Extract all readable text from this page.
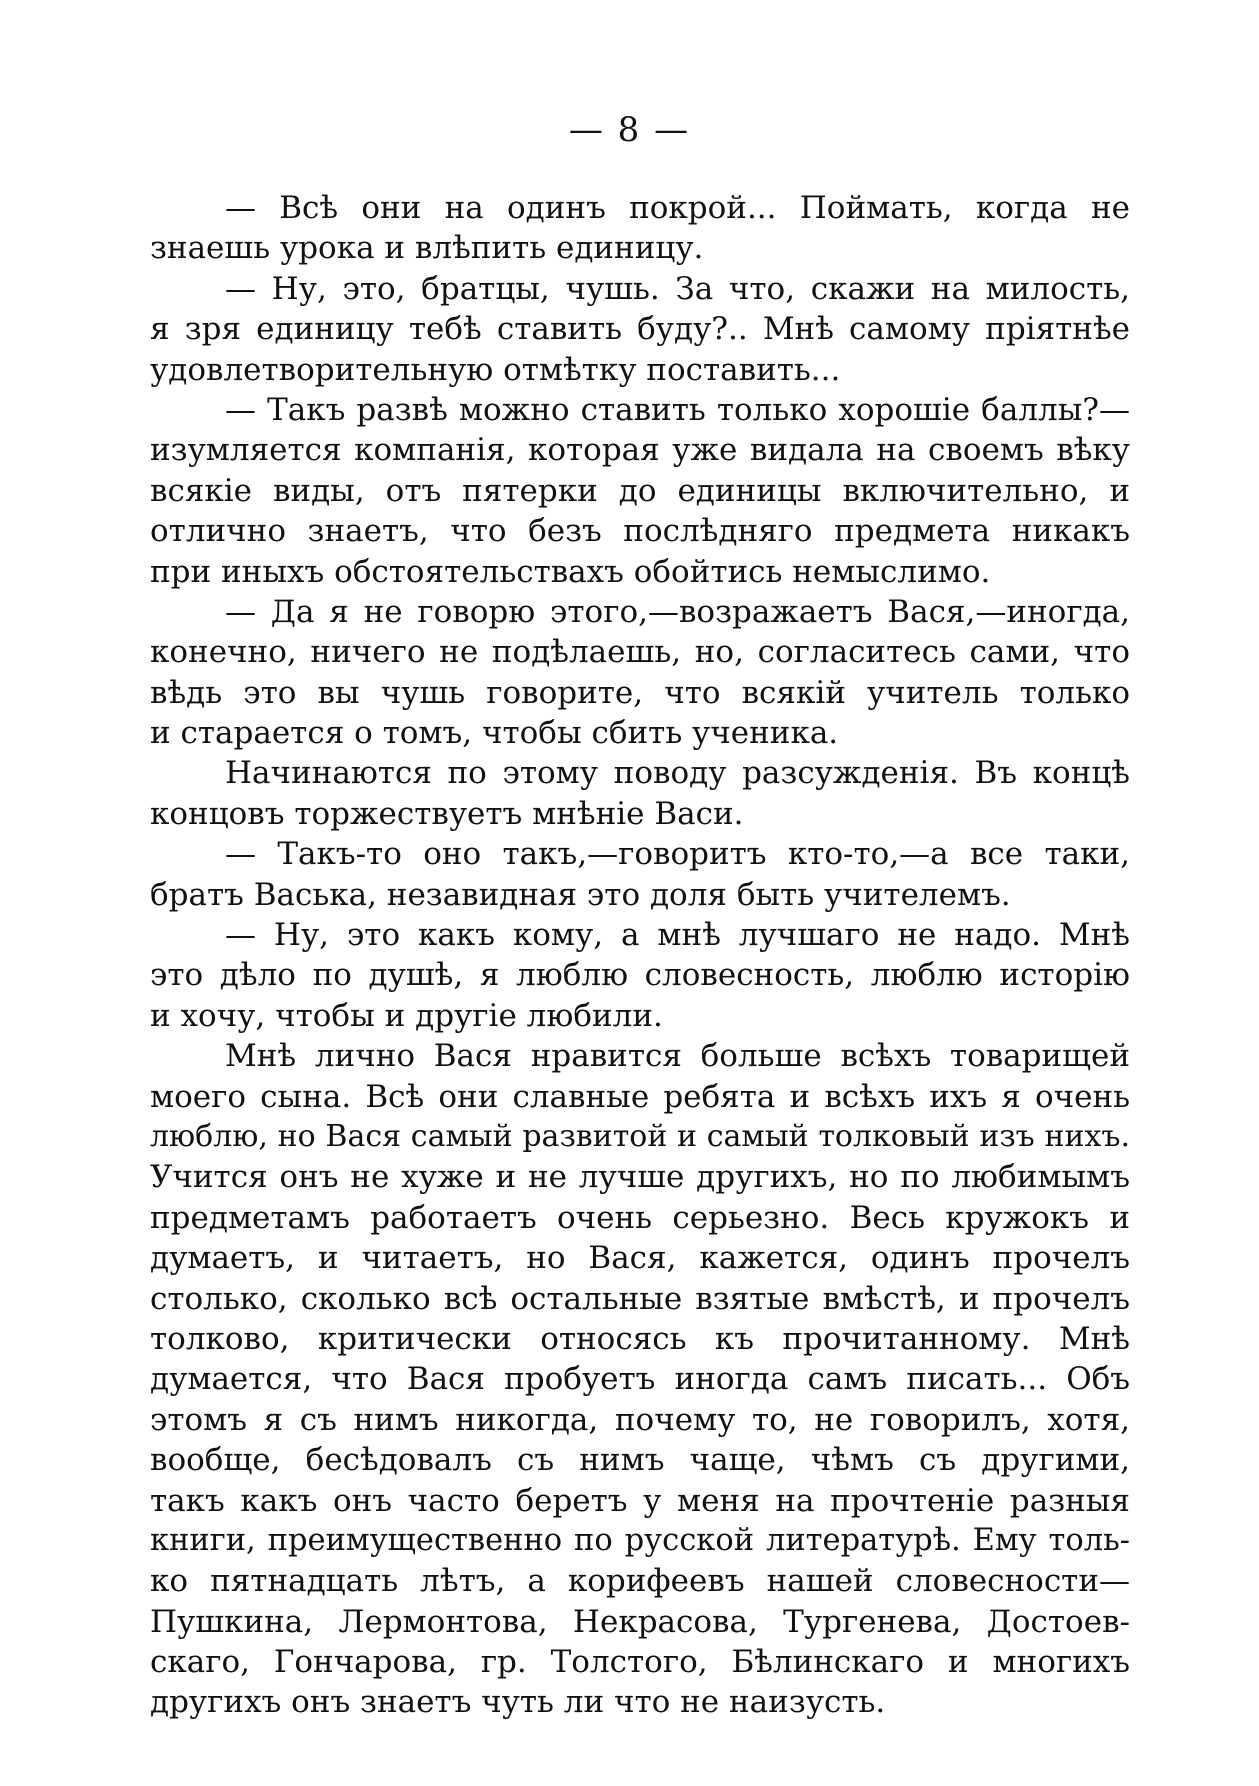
— 8 —
— Всѣ они на одинъ покрой... Поймать, когда не
знаешь урока и влѣпить единицу.
— Ну, это, братцы, чушь. За что, скажи на милость,
я зря единицу тебѣ ставить буду?.. Мнѣ самому пріятнѣе
удовлетворительную отмѣтку поставить...
— Такъ развѣ можно ставить только хорошіе баллы?—
изумляется компанія, которая уже видала на своемъ вѣку
всякіе виды, отъ пятерки до единицы включительно, и
отлично знаетъ, что безъ послѣдняго предмета никакъ
при иныхъ обстоятельствахъ обойтись немыслимо.
— Да я не говорю этого,—возражаетъ Вася,—иногда,
конечно, ничего не подѣлаешь, но, согласитесь сами, что
вѣдь это вы чушь говорите, что всякій учитель только
и старается о томъ, чтобы сбить ученика.
Начинаются по этому поводу разсужденія. Въ концѣ
концовъ торжествуетъ мнѣніе Васи.
— Такъ-то оно такъ,—говоритъ кто-то,—а все таки,
братъ Васька, незавидная это доля быть учителемъ.
— Ну, это какъ кому, а мнѣ лучшаго не надо. Мнѣ
это дѣло по душѣ, я люблю словесность, люблю исторію
и хочу, чтобы и другіе любили.
Мнѣ лично Вася нравится больше всѣхъ товарищей
моего сына. Всѣ они славные ребята и всѣхъ ихъ я очень
люблю, но Вася самый развитой и самый толковый изъ нихъ.
Учится онъ не хуже и не лучше другихъ, но по любимымъ
предметамъ работаетъ очень серьезно. Весь кружокъ и
думаетъ, и читаетъ, но Вася, кажется, одинъ прочелъ
столько, сколько всѣ остальные взятые вмѣстѣ, и прочелъ
толково, критически относясь къ прочитанному. Мнѣ
думается, что Вася пробуетъ иногда самъ писать... Объ
этомъ я съ нимъ никогда, почему то, не говорилъ, хотя,
вообще, бесѣдовалъ съ нимъ чаще, чѣмъ съ другими,
такъ какъ онъ часто беретъ у меня на прочтеніе разныя
книги, преимущественно по русской литературѣ. Ему толь-
ко пятнадцать лѣтъ, а корифеевъ нашей словесности—
Пушкина, Лермонтова, Некрасова, Тургенева, Достоев-
скаго, Гончарова, гр. Толстого, Бѣлинскаго и многихъ
другихъ онъ знаетъ чуть ли что не наизусть.
